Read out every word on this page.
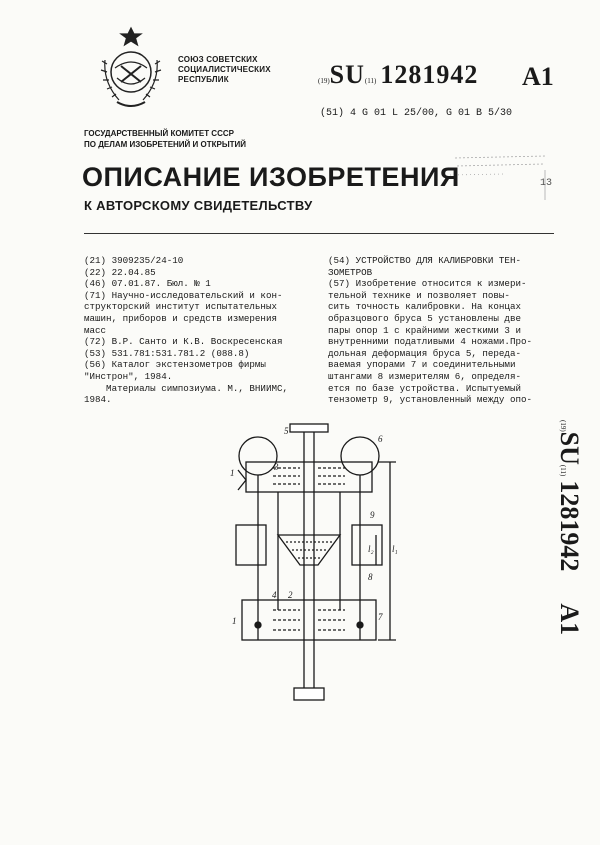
СОЮЗ СОВЕТСКИХ
СОЦИАЛИСТИЧЕСКИХ
РЕСПУБЛИК	(19)SU(11) 1281942 A1
(51) 4 G 01 L 25/00, G 01 B 5/30
ГОСУДАРСТВЕННЫЙ КОМИТЕТ СССР
ПО ДЕЛАМ ИЗОБРЕТЕНИЙ И ОТКРЫТИЙ
13
ОПИСАНИЕ ИЗОБРЕТЕНИЯ
К АВТОРСКОМУ СВИДЕТЕЛЬСТВУ
(21) 3909235/24-10
(22) 22.04.85
(46) 07.01.87. Бюл. № 1
(71) Научно-исследовательский и кон-
структорский институт испытательных
машин, приборов и средств измерения
масс
(72) В.Р. Санто и К.В. Воскресенская
(53) 531.781:531.781.2 (088.8)
(56) Каталог экстензометров фирмы
"Инстрон", 1984.
Материалы симпозиума. М., ВНИИМС,
1984.
(54) УСТРОЙСТВО ДЛЯ КАЛИБРОВКИ ТЕН-
ЗОМЕТРОВ
(57) Изобретение относится к измери-
тельной технике и позволяет повы-
сить точность калибровки. На концах
образцового бруса 5 установлены две
пары опор 1 с крайними жесткими 3 и
внутренними податливыми 4 ножами.Про-
дольная деформация бруса 5, переда-
ваемая упорами 7 и соединительными
штангами 8 измерителям 6, определя-
ется по базе устройства. Испытуемый
тензометр 9, установленный между опо-
(19)SU(11) 1281942 A1
1
1
2
3
4
5
6
7
8
9
l₁
l₂
